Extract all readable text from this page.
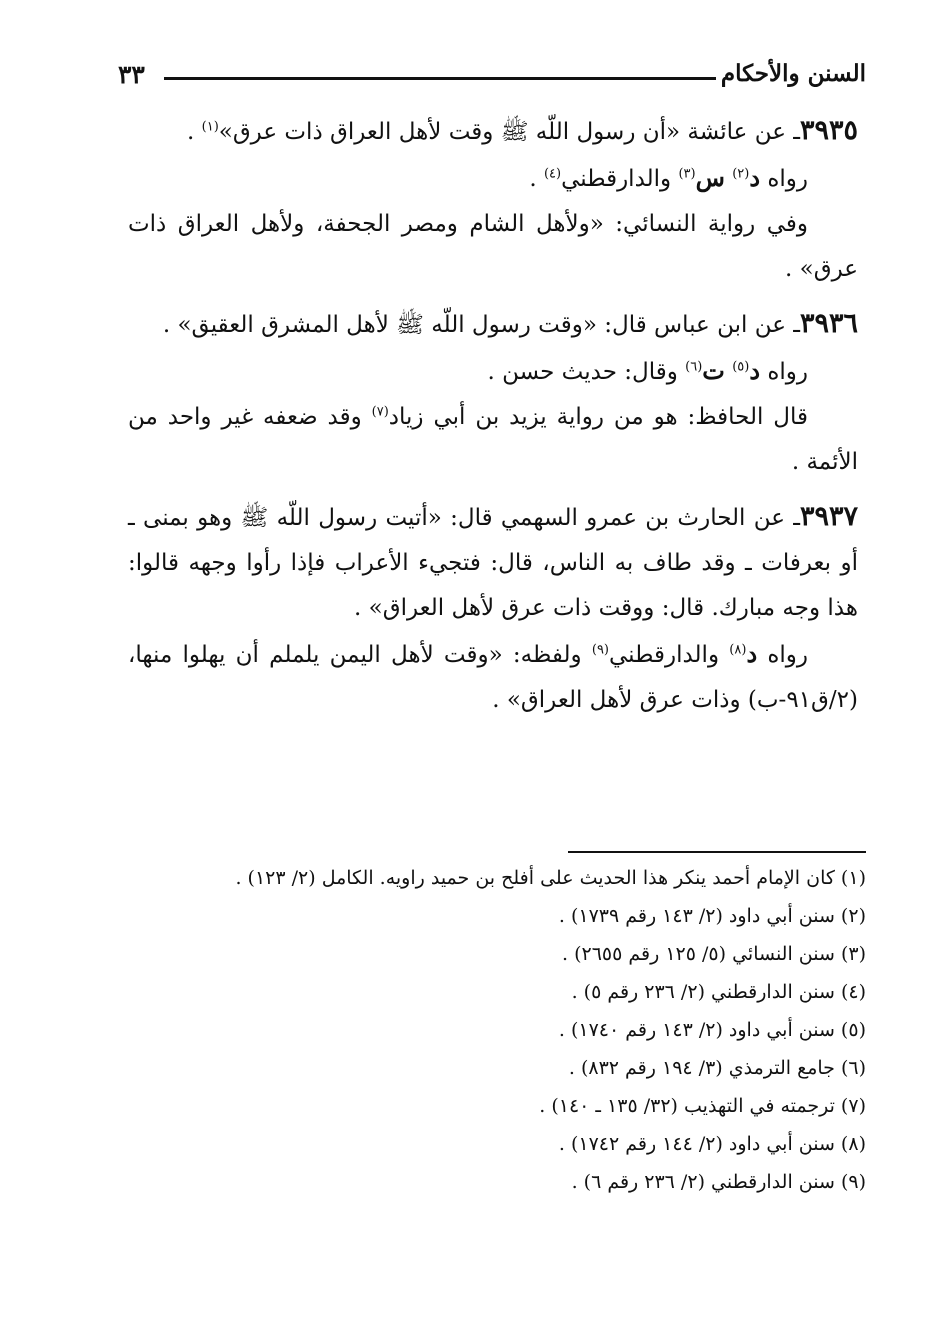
السنن والأحكام
٣٣

٣٩٣٥ـ عن عائشة «أن رسول اللّه ﷺ وقت لأهل العراق ذات عرق»$^{(١)}$ .

رواه د$^{(٢)}$ س$^{(٣)}$ والدارقطني$^{(٤)}$ .

وفي رواية النسائي: «ولأهل الشام ومصر الجحفة، ولأهل العراق ذات عرق» .

٣٩٣٦ـ عن ابن عباس قال: «وقت رسول اللّه ﷺ لأهل المشرق العقيق» .

رواه د$^{(٥)}$ ت$^{(٦)}$ وقال: حديث حسن .

قال الحافظ: هو من رواية يزيد بن أبي زياد$^{(٧)}$ وقد ضعفه غير واحد من الأئمة .

٣٩٣٧ـ عن الحارث بن عمرو السهمي قال: «أتيت رسول اللّه ﷺ وهو بمنى ـ أو بعرفات ـ وقد طاف به الناس، قال: فتجيء الأعراب فإذا رأوا وجهه قالوا: هذا وجه مبارك. قال: ووقت ذات عرق لأهل العراق» .

رواه د$^{(٨)}$ والدارقطني$^{(٩)}$ ولفظه: «وقت لأهل اليمن يلملم أن يهلوا منها، (٢/ق٩١-ب) وذات عرق لأهل العراق» .

(١) كان الإمام أحمد ينكر هذا الحديث على أفلح بن حميد راويه. الكامل (٢/ ١٢٣) .
(٢) سنن أبي داود (٢/ ١٤٣ رقم ١٧٣٩) .
(٣) سنن النسائي (٥/ ١٢٥ رقم ٢٦٥٥) .
(٤) سنن الدارقطني (٢/ ٢٣٦ رقم ٥) .
(٥) سنن أبي داود (٢/ ١٤٣ رقم ١٧٤٠) .
(٦) جامع الترمذي (٣/ ١٩٤ رقم ٨٣٢) .
(٧) ترجمته في التهذيب (٣٢/ ١٣٥ ـ ١٤٠) .
(٨) سنن أبي داود (٢/ ١٤٤ رقم ١٧٤٢) .
(٩) سنن الدارقطني (٢/ ٢٣٦ رقم ٦) .
